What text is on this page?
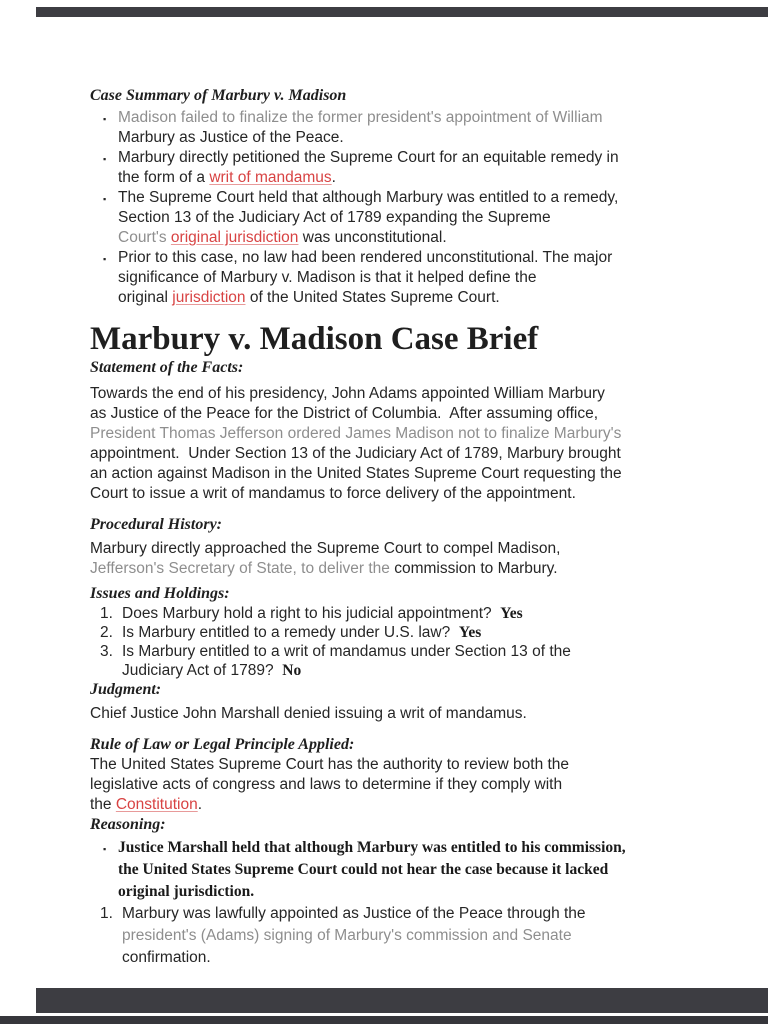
Case Summary of Marbury v. Madison
▪ Madison failed to finalize the former president's appointment of William
Marbury as Justice of the Peace.
▪ Marbury directly petitioned the Supreme Court for an equitable remedy in
the form of a writ of mandamus.
▪ The Supreme Court held that although Marbury was entitled to a remedy,
Section 13 of the Judiciary Act of 1789 expanding the Supreme
Court's original jurisdiction was unconstitutional.
▪ Prior to this case, no law had been rendered unconstitutional. The major
significance of Marbury v. Madison is that it helped define the
original jurisdiction of the United States Supreme Court.
Marbury v. Madison Case Brief
Statement of the Facts:
Towards the end of his presidency, John Adams appointed William Marbury
as Justice of the Peace for the District of Columbia.  After assuming office,
President Thomas Jefferson ordered James Madison not to finalize Marbury's
appointment.  Under Section 13 of the Judiciary Act of 1789, Marbury brought
an action against Madison in the United States Supreme Court requesting the
Court to issue a writ of mandamus to force delivery of the appointment.
Procedural History:
Marbury directly approached the Supreme Court to compel Madison,
Jefferson's Secretary of State, to deliver the commission to Marbury.
Issues and Holdings:
1. Does Marbury hold a right to his judicial appointment?  Yes
2. Is Marbury entitled to a remedy under U.S. law?  Yes
3. Is Marbury entitled to a writ of mandamus under Section 13 of the
Judiciary Act of 1789?  No
Judgment:
Chief Justice John Marshall denied issuing a writ of mandamus.
Rule of Law or Legal Principle Applied:
The United States Supreme Court has the authority to review both the
legislative acts of congress and laws to determine if they comply with
the Constitution.
Reasoning:
▪ Justice Marshall held that although Marbury was entitled to his commission,
the United States Supreme Court could not hear the case because it lacked
original jurisdiction.
1. Marbury was lawfully appointed as Justice of the Peace through the
president's (Adams) signing of Marbury's commission and Senate
confirmation.
